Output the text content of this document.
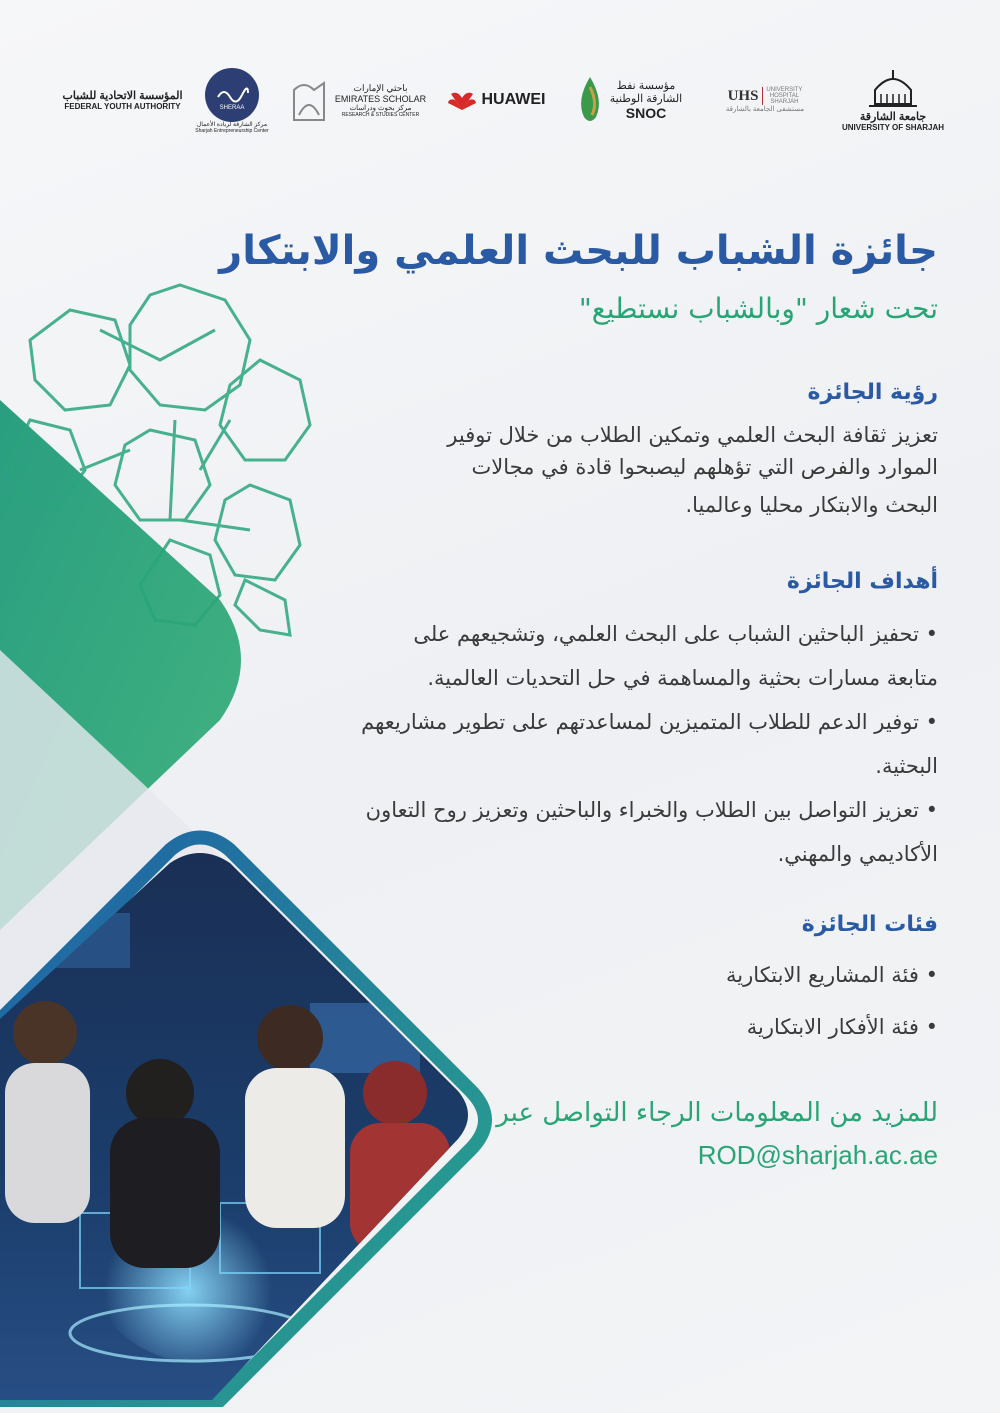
المؤسسة الاتحادية للشباب
FEDERAL YOUTH AUTHORITY	SHERAA
مركز الشارقة لريادة الأعمال
Sharjah Entrepreneurship Center
باحثي الإمارات
EMIRATES SCHOLAR
مركز بحوث ودراسات
RESEARCH & STUDIES CENTER
HUAWEI
مؤسسة نفط
الشارقة الوطنية
SNOC
UHS UNIVERSITY
HOSPITAL
SHARJAH
مستشفى الجامعة بالشارقة
جامعة الشارقة
UNIVERSITY OF SHARJAH
جائزة الشباب للبحث العلمي والابتكار
تحت شعار "وبالشباب نستطيع"

رؤية الجائزة

تعزيز ثقافة البحث العلمي وتمكين الطلاب من خلال توفير

الموارد والفرص التي تؤهلهم ليصبحوا قادة في مجالات

البحث والابتكار محليا وعالميا.

أهداف الجائزة

• تحفيز الباحثين الشباب على البحث العلمي، وتشجيعهم على

متابعة مسارات بحثية والمساهمة في حل التحديات العالمية.

• توفير الدعم للطلاب المتميزين لمساعدتهم على تطوير مشاريعهم

البحثية.

• تعزيز التواصل بين الطلاب والخبراء والباحثين وتعزيز روح التعاون

الأكاديمي والمهني.

فئات الجائزة

• فئة المشاريع الابتكارية

• فئة الأفكار الابتكارية

للمزيد من المعلومات الرجاء التواصل عبر
ROD@sharjah.ac.ae
